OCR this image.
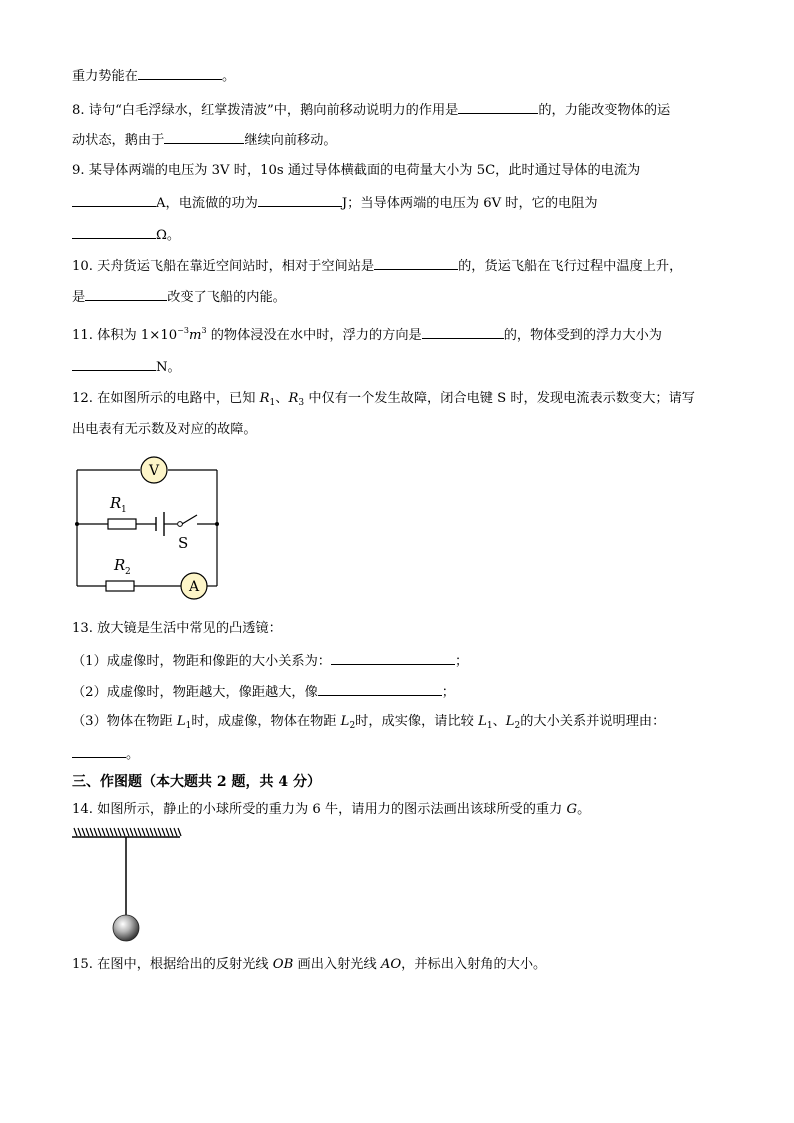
重力势能在	。
8. 诗句“白毛浮绿水，红掌拨清波”中，鹅向前移动说明力的作用是	的，力能改变物体的运
动状态，鹅由于	继续向前移动。
9. 某导体两端的电压为 3V 时，10s 通过导体横截面的电荷量大小为 5C，此时通过导体的电流为
A，电流做的功为	J；当导体两端的电压为 6V 时，它的电阻为
Ω。
10. 天舟货运飞船在靠近空间站时，相对于空间站是	的，货运飞船在飞行过程中温度上升，
是	改变了飞船的内能。
11. 体积为 $1\times 10^{-3}m^3$ 的物体浸没在水中时，浮力的方向是	的，物体受到的浮力大小为
N。
12. 在如图所示的电路中，已知 $R_1$、$R_3$ 中仅有一个发生故障，闭合电键 S 时，发现电流表示数变大；请写
出电表有无示数及对应的故障。
V
A
R 1
R 2
S
13. 放大镜是生活中常见的凸透镜：
（1）成虚像时，物距和像距的大小关系为：	；
（2）成虚像时，物距越大，像距越大，像	；
（3）物体在物距 $L_1$时，成虚像，物体在物距 $L_2$时，成实像，请比较 $L_1$、$L_2$的大小关系并说明理由：
。
三、作图题（本大题共 2 题，共 4 分）
14. 如图所示，静止的小球所受的重力为 6 牛，请用力的图示法画出该球所受的重力 G。
15. 在图中，根据给出的反射光线 OB 画出入射光线 AO，并标出入射角的大小。
